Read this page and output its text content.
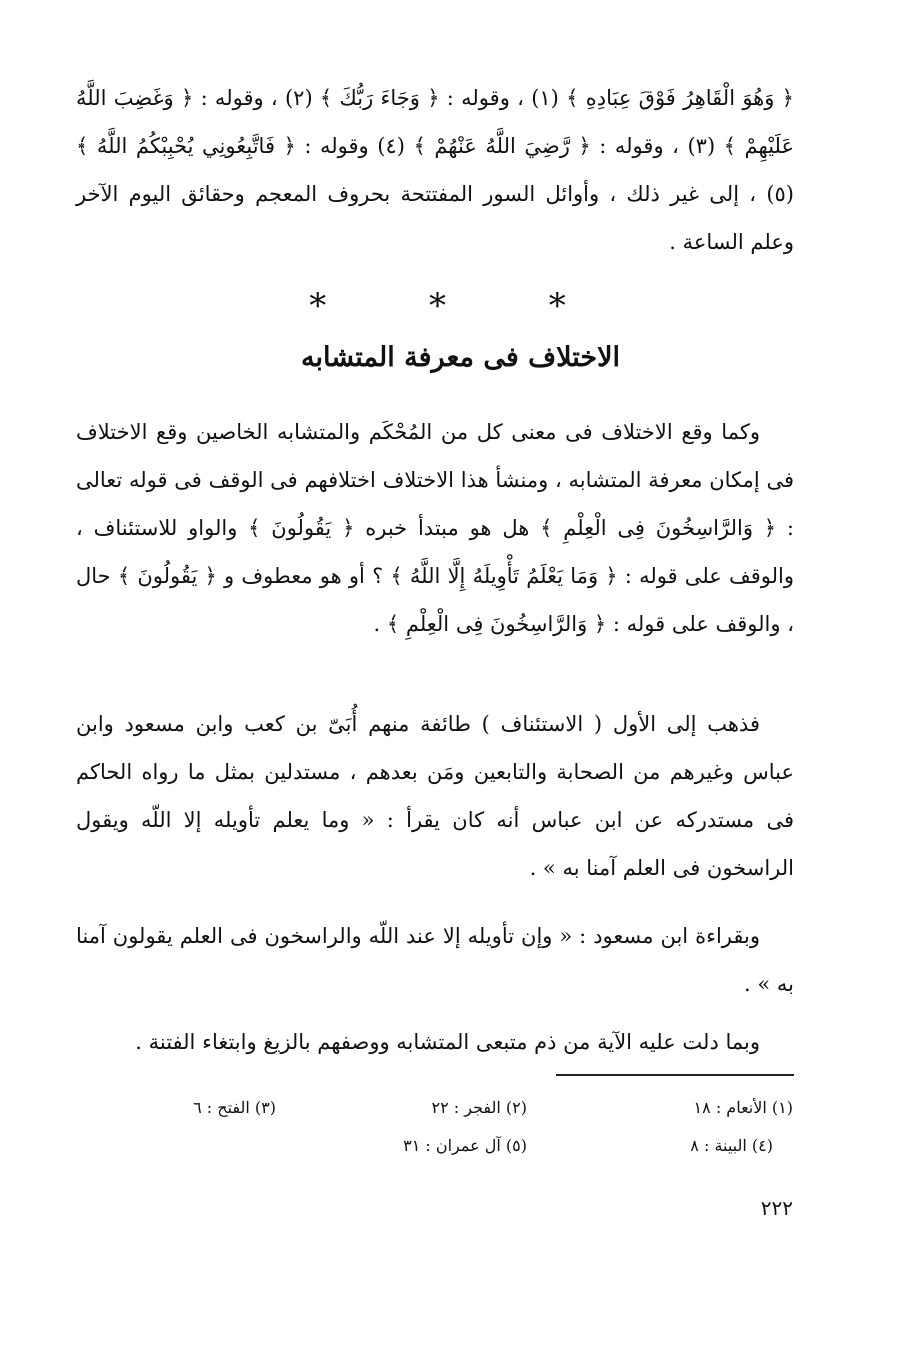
﴿ وَهُوَ الْقَاهِرُ فَوْقَ عِبَادِهِ ﴾ (١) ، وقوله : ﴿ وَجَاءَ رَبُّكَ ﴾ (٢) ، وقوله : ﴿ وَغَضِبَ اللَّهُ عَلَيْهِمْ ﴾ (٣) ، وقوله : ﴿ رَّضِيَ اللَّهُ عَنْهُمْ ﴾ (٤) وقوله : ﴿ فَاتَّبِعُونِي يُحْبِبْكُمُ اللَّهُ ﴾ (٥) ، إلى غير ذلك ، وأوائل السور المفتتحة بحروف المعجم وحقائق اليوم الآخر وعلم الساعة .

* * *
الاختلاف فى معرفة المتشابه

وكما وقع الاختلاف فى معنى كل من المُحْكَم والمتشابه الخاصين وقع الاختلاف فى إمكان معرفة المتشابه ، ومنشأ هذا الاختلاف اختلافهم فى الوقف فى قوله تعالى : ﴿ وَالرَّاسِخُونَ فِى الْعِلْمِ ﴾ هل هو مبتدأ خبره ﴿ يَقُولُونَ ﴾ والواو للاستئناف ، والوقف على قوله : ﴿ وَمَا يَعْلَمُ تَأْوِيلَهُ إِلَّا اللَّهُ ﴾ ؟ أو هو معطوف و ﴿ يَقُولُونَ ﴾ حال ، والوقف على قوله : ﴿ وَالرَّاسِخُونَ فِى الْعِلْمِ ﴾ .

فذهب إلى الأول ( الاستئناف ) طائفة منهم أُبَىّ بن كعب وابن مسعود وابن عباس وغيرهم من الصحابة والتابعين ومَن بعدهم ، مستدلين بمثل ما رواه الحاكم فى مستدركه عن ابن عباس أنه كان يقرأ : « وما يعلم تأويله إلا اللّه ويقول الراسخون فى العلم آمنا به » .

وبقراءة ابن مسعود : « وإن تأويله إلا عند اللّه والراسخون فى العلم يقولون آمنا به » .

وبما دلت عليه الآية من ذم متبعى المتشابه ووصفهم بالزيغ وابتغاء الفتنة .

(١) الأنعام : ١٨
(٢) الفجر : ٢٢
(٣) الفتح : ٦
(٤) البينة : ٨
(٥) آل عمران : ٣١
٢٢٢
